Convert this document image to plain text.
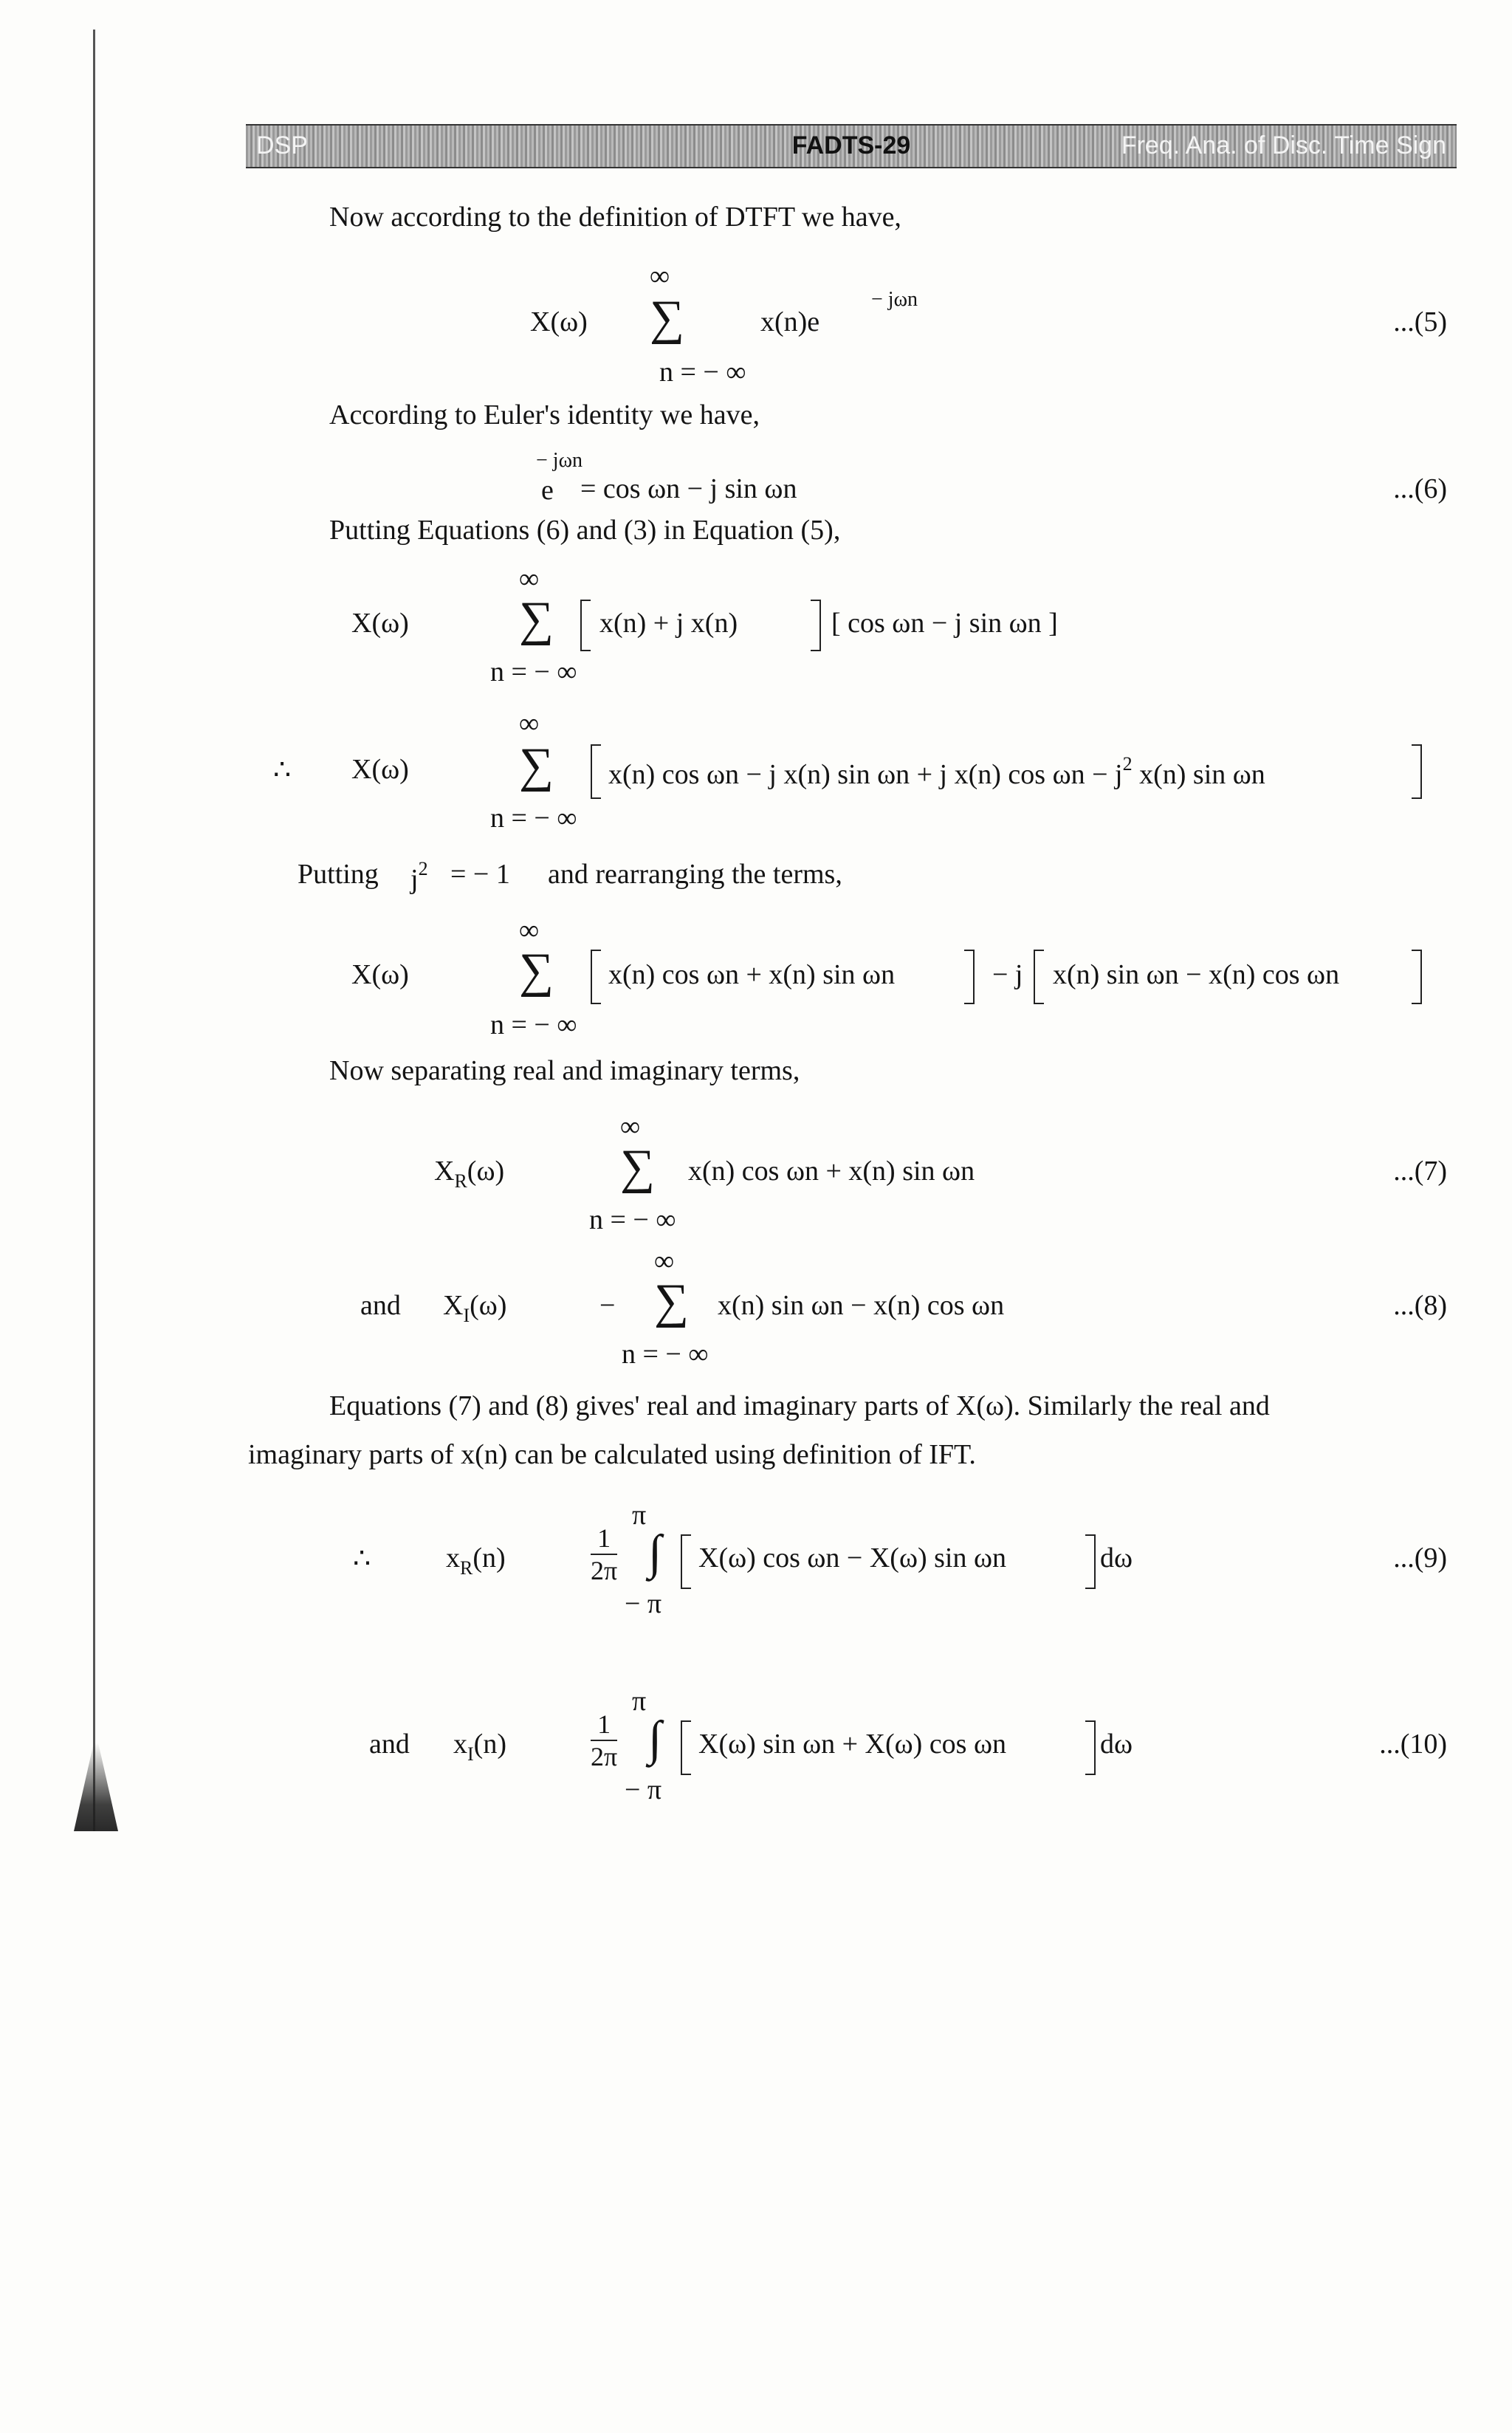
DSP	FADTS-29	Freq. Ana. of Disc. Time Sign
Now according to the definition of DTFT we have,
∞
X(ω) ∑	x(n)e
− jωn
n = − ∞
...(5)
According to Euler's identity we have,
− jωn
e = cos ωn − j sin ωn	...(6)
Putting Equations (6) and (3) in Equation (5),
∞
X(ω)	∑ x(n) + j x(n)	[ cos ωn − j sin ωn ]
n = − ∞
∞
∴ X(ω)	∑ x(n) cos ωn − j x(n) sin ωn + j x(n) $\cos \omega n - j^2$ x(n) sin ωn
n = − ∞
Putting $j^2$ = − 1 and rearranging the terms,
∞
X(ω)	∑ x(n) cos ωn + x(n) sin ωn	− j x(n) sin ωn − x(n) cos ωn
n = − ∞
Now separating real and imaginary terms,
∞
$X_R(\omega)$ ∑ x(n) cos ωn + x(n) sin ωn
n = − ∞
...(7)
∞
and $X_I(\omega)$	− ∑ x(n) sin ωn − x(n) cos ωn
n = − ∞
...(8)
Equations (7) and (8) gives' real and imaginary parts of X(ω). Similarly the real and
imaginary parts of x(n) can be calculated using definition of IFT.
π
∴	$x_R(n) \frac{1}{2\pi}$ ∫ X(ω) cos ωn − X(ω) sin ωn	dω
− π
...(9)
π
and $x_I(n) \frac{1}{2\pi}$ ∫ X(ω) sin ωn + X(ω) cos ωn	dω
− π
...(10)
